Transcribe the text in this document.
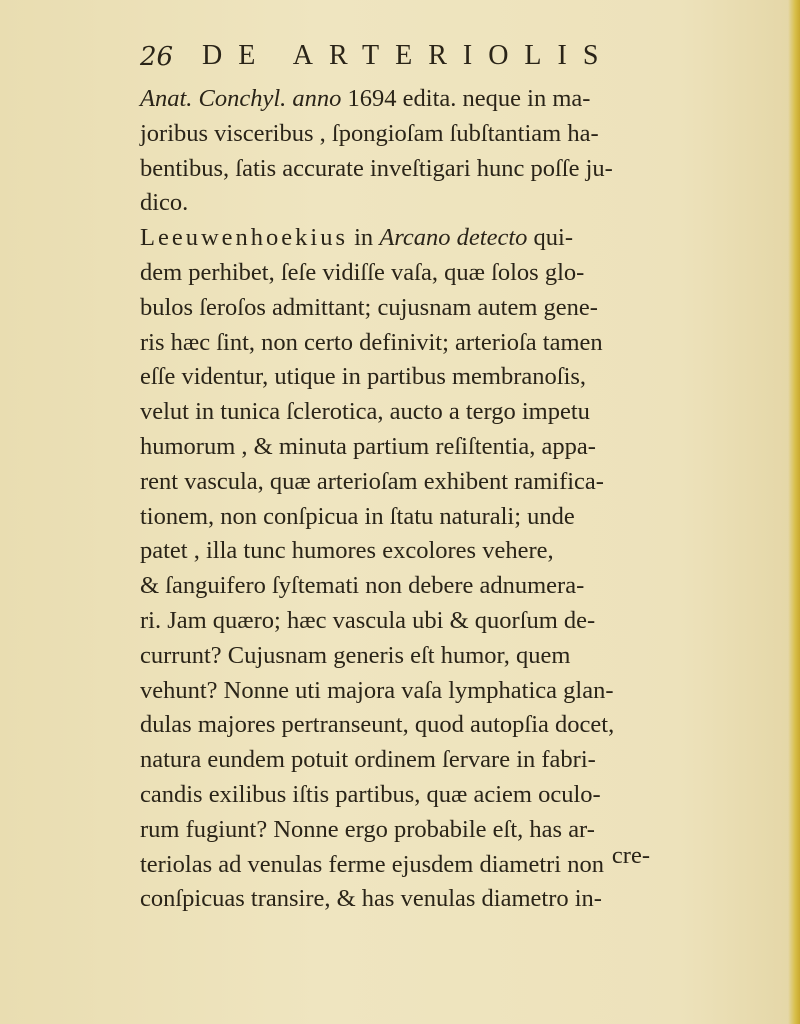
26 DE ARTERIOLIS
Anat. Conchyl. anno 1694 edita. neque in ma-
joribus visceribus , ſpongioſam ſubſtantiam ha-
bentibus, ſatis accurate inveſtigari hunc poſſe ju-
dico.
Leeuwenhoekius in Arcano detecto qui-
dem perhibet, ſeſe vidiſſe vaſa, quæ ſolos glo-
bulos ſeroſos admittant; cujusnam autem gene-
ris hæc ſint, non certo definivit; arterioſa tamen
eſſe videntur, utique in partibus membranoſis,
velut in tunica ſclerotica, aucto a tergo impetu
humorum , & minuta partium reſiſtentia, appa-
rent vascula, quæ arterioſam exhibent ramifica-
tionem, non conſpicua in ſtatu naturali; unde
patet , illa tunc humores excolores vehere,
& ſanguifero ſyſtemati non debere adnumera-
ri. Jam quæro; hæc vascula ubi & quorſum de-
currunt? Cujusnam generis eſt humor, quem
vehunt? Nonne uti majora vaſa lymphatica glan-
dulas majores pertranseunt, quod autopſia docet,
natura eundem potuit ordinem ſervare in fabri-
candis exilibus iſtis partibus, quæ aciem oculo-
rum fugiunt? Nonne ergo probabile eſt, has ar-
teriolas ad venulas ferme ejusdem diametri non
conſpicuas transire, & has venulas diametro in-
cre-
